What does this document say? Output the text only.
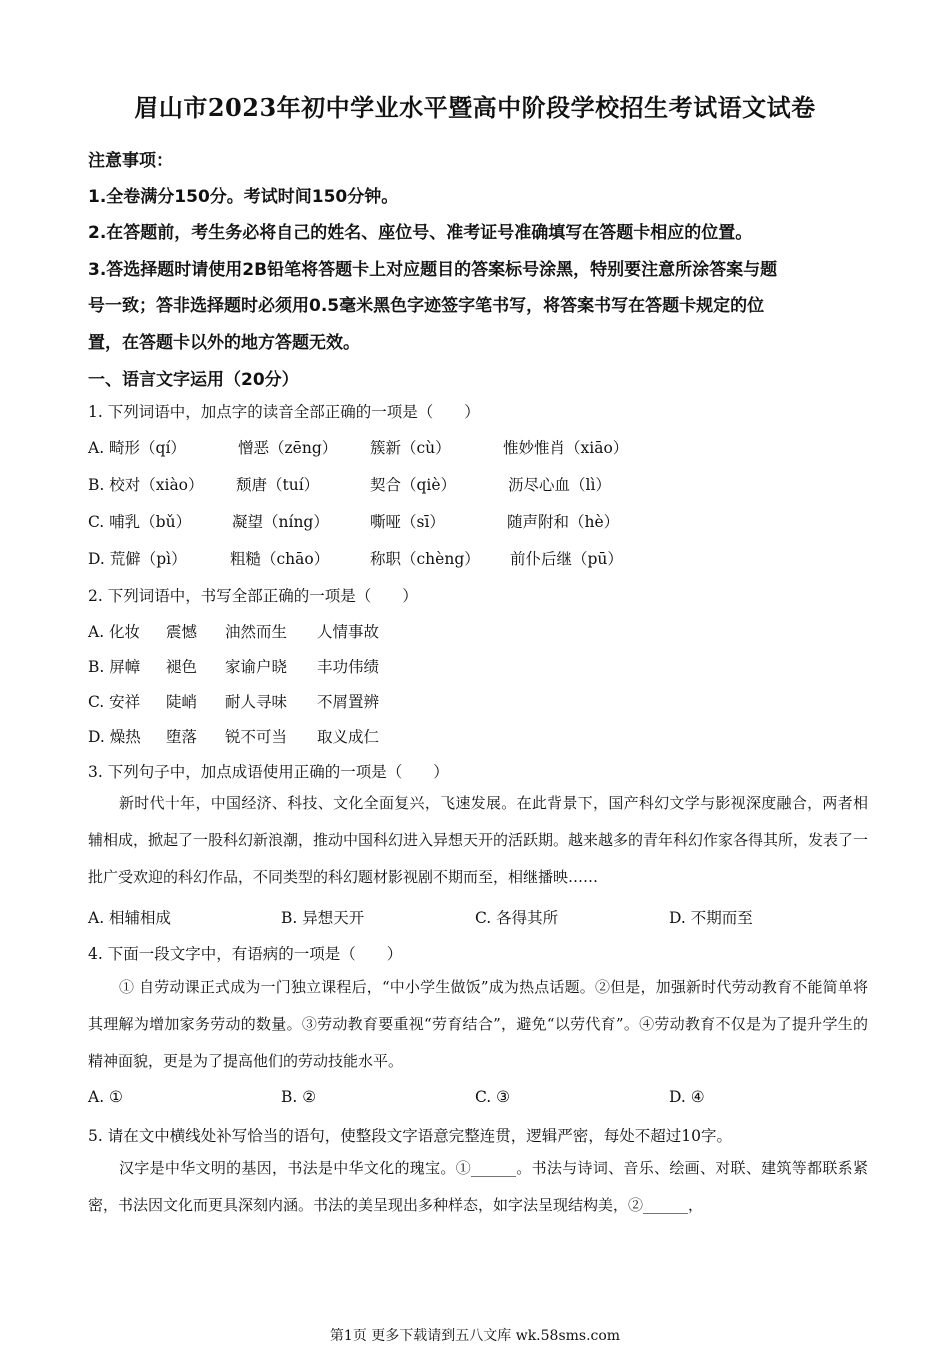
眉山市2023年初中学业水平暨高中阶段学校招生考试语文试卷
注意事项：
1.全卷满分150分。考试时间150分钟。
2.在答题前，考生务必将自己的姓名、座位号、准考证号准确填写在答题卡相应的位置。
3.答选择题时请使用2B铅笔将答题卡上对应题目的答案标号涂黑，特别要注意所涂答案与题
号一致；答非选择题时必须用0.5毫米黑色字迹签字笔书写，将答案书写在答题卡规定的位
置，在答题卡以外的地方答题无效。
一、语言文字运用（20分）
1. 下列词语中，加点字的读音全部正确的一项是（　　）
A. 畸形（qí）	憎恶（zēng） 簇新（cù）	惟妙惟肖（xiāo）
B. 校对（xiào） 颓唐（tuí）	契合（qiè）	沥尽心血（lì）
C. 哺乳（bǔ）	凝望（níng）	嘶哑（sī）	随声附和（hè）
D. 荒僻（pì）	粗糙（chāo）	称职（chèng） 前仆后继（pū）
2. 下列词语中，书写全部正确的一项是（　　）
A. 化妆 震憾 油然而生 人情事故
B. 屏幛 褪色 家谕户晓 丰功伟绩
C. 安祥 陡峭 耐人寻味 不屑置辨
D. 燥热 堕落 锐不可当 取义成仁
3. 下列句子中，加点成语使用正确的一项是（　　）
新时代十年，中国经济、科技、文化全面复兴，飞速发展。在此背景下，国产科幻文学与影视深度融合，两者相辅相成，掀起了一股科幻新浪潮，推动中国科幻进入异想天开的活跃期。越来越多的青年科幻作家各得其所，发表了一批广受欢迎的科幻作品，不同类型的科幻题材影视剧不期而至，相继播映……
A. 相辅相成	B. 异想天开	C. 各得其所	D. 不期而至
4. 下面一段文字中，有语病的一项是（　　）
① 自劳动课正式成为一门独立课程后，“中小学生做饭”成为热点话题。②但是，加强新时代劳动教育不能简单将其理解为增加家务劳动的数量。③劳动教育要重视“劳育结合”，避免“以劳代育”。④劳动教育不仅是为了提升学生的精神面貌，更是为了提高他们的劳动技能水平。
A. ①	B. ②	C. ③	D. ④
5. 请在文中横线处补写恰当的语句，使整段文字语意完整连贯，逻辑严密，每处不超过10字。
汉字是中华文明的基因，书法是中华文化的瑰宝。①______。书法与诗词、音乐、绘画、对联、建筑等都联系紧密，书法因文化而更具深刻内涵。书法的美呈现出多种样态，如字法呈现结构美，②______，
第1页 更多下载请到五八文库 wk.58sms.com
